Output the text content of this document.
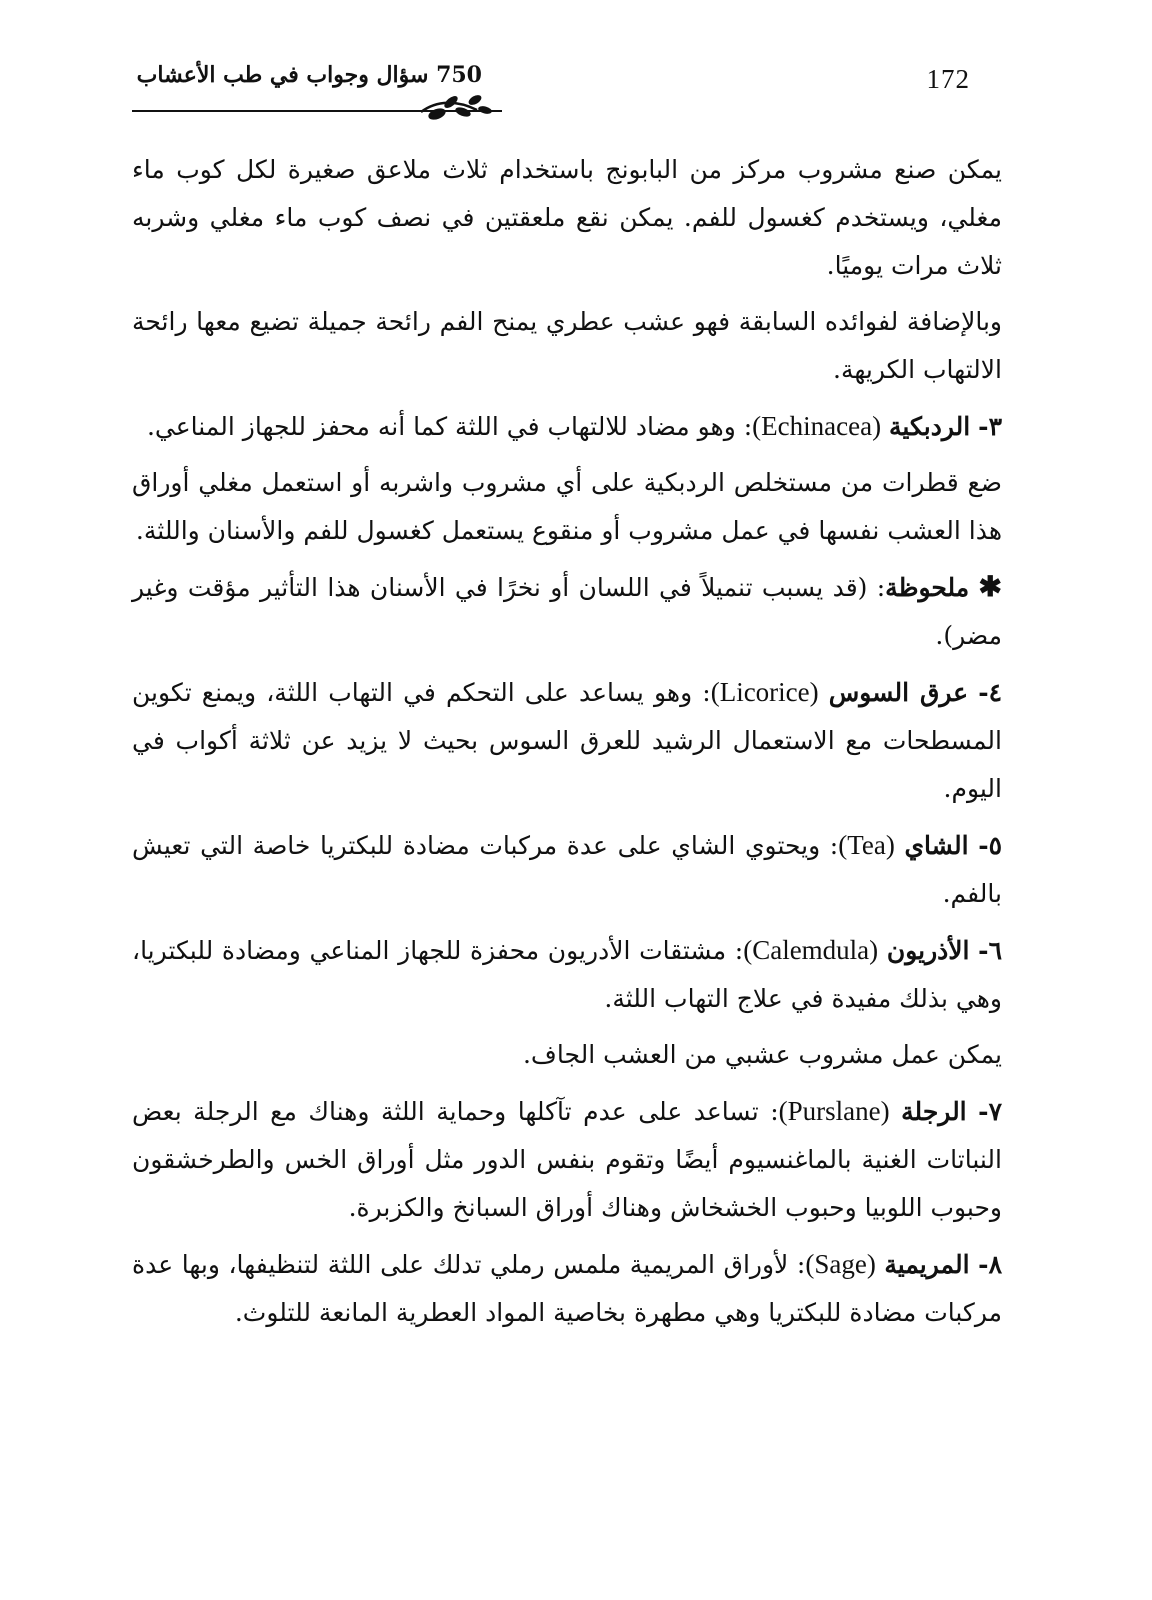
172
750 سؤال وجواب في طب الأعشاب

يمكن صنع مشروب مركز من البابونج باستخدام ثلاث ملاعق صغيرة لكل كوب ماء مغلي، ويستخدم كغسول للفم. يمكن نقع ملعقتين في نصف كوب ماء مغلي وشربه ثلاث مرات يوميًا.

وبالإضافة لفوائده السابقة فهو عشب عطري يمنح الفم رائحة جميلة تضيع معها رائحة الالتهاب الكريهة.

٣- الردبكية (Echinacea): وهو مضاد للالتهاب في اللثة كما أنه محفز للجهاز المناعي.

ضع قطرات من مستخلص الردبكية على أي مشروب واشربه أو استعمل مغلي أوراق هذا العشب نفسها في عمل مشروب أو منقوع يستعمل كغسول للفم والأسنان واللثة.

✱ ملحوظة: (قد يسبب تنميلاً في اللسان أو نخرًا في الأسنان هذا التأثير مؤقت وغير مضر).

٤- عرق السوس (Licorice): وهو يساعد على التحكم في التهاب اللثة، ويمنع تكوين المسطحات مع الاستعمال الرشيد للعرق السوس بحيث لا يزيد عن ثلاثة أكواب في اليوم.

٥- الشاي (Tea): ويحتوي الشاي على عدة مركبات مضادة للبكتريا خاصة التي تعيش بالفم.

٦- الأذريون (Calemdula): مشتقات الأدريون محفزة للجهاز المناعي ومضادة للبكتريا، وهي بذلك مفيدة في علاج التهاب اللثة.

يمكن عمل مشروب عشبي من العشب الجاف.

٧- الرجلة (Purslane): تساعد على عدم تآكلها وحماية اللثة وهناك مع الرجلة بعض النباتات الغنية بالماغنسيوم أيضًا وتقوم بنفس الدور مثل أوراق الخس والطرخشقون وحبوب اللوبيا وحبوب الخشخاش وهناك أوراق السبانخ والكزبرة.

٨- المريمية (Sage): لأوراق المريمية ملمس رملي تدلك على اللثة لتنظيفها، وبها عدة مركبات مضادة للبكتريا وهي مطهرة بخاصية المواد العطرية المانعة للتلوث.
